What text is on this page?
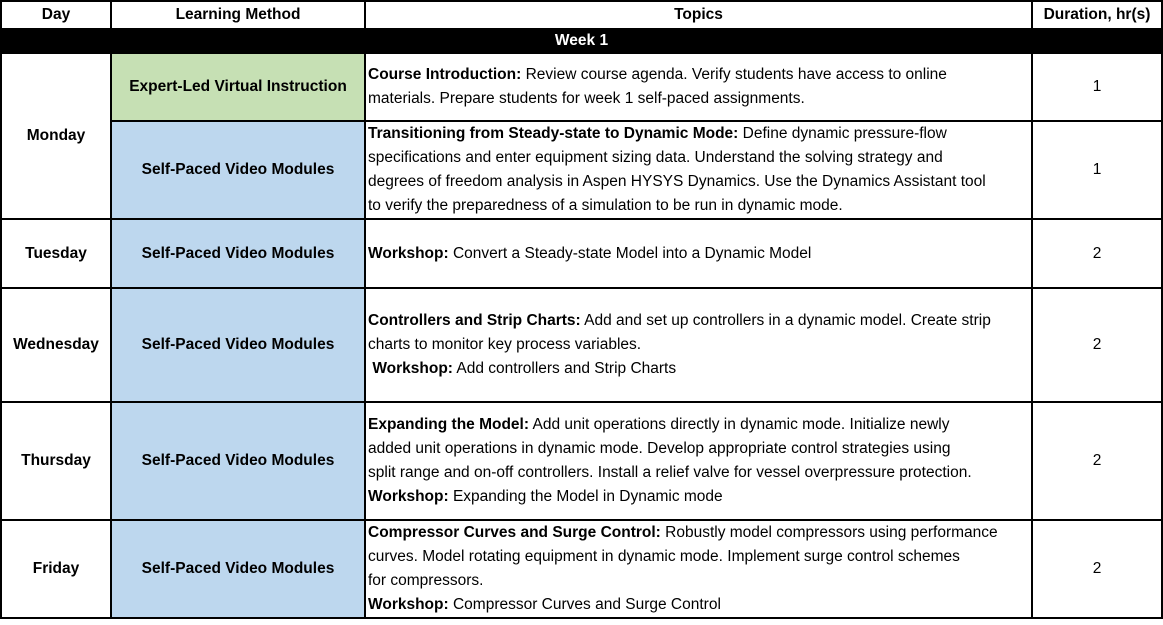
Day	Learning Method	Topics	Duration, hr(s)
Week 1			
Monday	Expert-Led Virtual Instruction	Course Introduction: Review course agenda. Verify students have access to online
materials. Prepare students for week 1 self-paced assignments.	1
	Self-Paced Video Modules	Transitioning from Steady-state to Dynamic Mode: Define dynamic pressure-flow
specifications and enter equipment sizing data. Understand the solving strategy and
degrees of freedom analysis in Aspen HYSYS Dynamics. Use the Dynamics Assistant tool
to verify the preparedness of a simulation to be run in dynamic mode.	1
Tuesday	Self-Paced Video Modules	Workshop: Convert a Steady-state Model into a Dynamic Model	2
Wednesday	Self-Paced Video Modules	Controllers and Strip Charts: Add and set up controllers in a dynamic model. Create strip
charts to monitor key process variables.
Workshop: Add controllers and Strip Charts	2
Thursday	Self-Paced Video Modules	Expanding the Model: Add unit operations directly in dynamic mode. Initialize newly
added unit operations in dynamic mode. Develop appropriate control strategies using
split range and on-off controllers. Install a relief valve for vessel overpressure protection.
Workshop: Expanding the Model in Dynamic mode	2
Friday	Self-Paced Video Modules	Compressor Curves and Surge Control: Robustly model compressors using performance
curves. Model rotating equipment in dynamic mode. Implement surge control schemes
for compressors.
Workshop: Compressor Curves and Surge Control	2
